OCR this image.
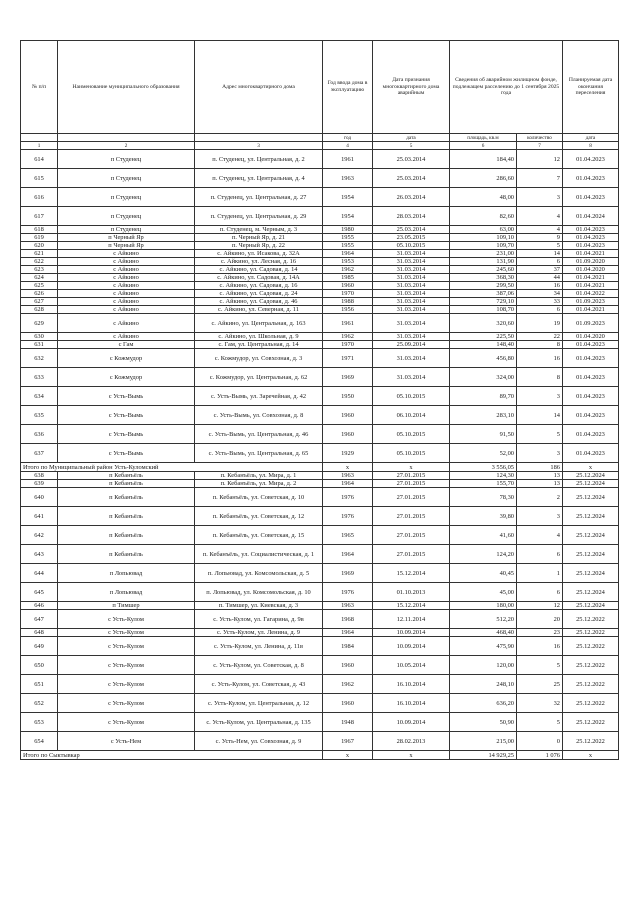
№ п/п	Наименование муниципального образования	Адрес многоквартирного дома	Год ввода дома в эксплуатацию	Дата признания многоквартирного дома аварийным	Сведения об аварийном жилищном фонде, подлежащем расселению до 1 сентября 2025 года		Планируемая дата окончания переселения
			год	дата	площадь, кв.м	количество	дата
1	2	3	4	5	6	7	8
614	п Студенец	п. Студенец, ул. Центральная, д. 2	1961	25.03.2014	184,40	12	01.04.2023
615	п Студенец	п. Студенец, ул. Центральная, д. 4	1963	25.03.2014	286,60	7	01.04.2023
616	п Студенец	п. Студенец, ул. Центральная, д. 27	1954	26.03.2014	48,00	3	01.04.2023
617	п Студенец	п. Студенец, ул. Центральная, д. 29	1954	28.03.2014	82,60	4	01.04.2024
618	п Студенец	п. Студенец, м. Черным, д. 3	1980	25.03.2014	63,00	4	01.04.2023
619	п Черный Яр	п. Черный Яр, д. 21	1955	23.05.2015	109,10	9	01.04.2023
620	п Черный Яр	п. Черный Яр, д. 22	1955	05.10.2015	109,70	5	01.04.2023
621	с Айкино	с. Айкино, ул. Исакова, д. 32А	1964	31.03.2014	231,00	14	01.04.2021
622	с Айкино	с. Айкино, ул. Лесная, д. 16	1953	31.03.2014	131,90	6	01.09.2020
623	с Айкино	с. Айкино, ул. Садовая, д. 14	1962	31.03.2014	245,60	37	01.04.2020
624	с Айкино	с. Айкино, ул. Садовая, д. 14А	1985	31.03.2014	368,30	44	01.04.2021
625	с Айкино	с. Айкино, ул. Садовая, д. 16	1960	31.03.2014	299,50	16	01.04.2021
626	с Айкино	с. Айкино, ул. Садовая, д. 24	1970	31.03.2014	387,06	34	01.04.2022
627	с Айкино	с. Айкино, ул. Садовая, д. 46	1988	31.03.2014	729,10	33	01.09.2023
628	с Айкино	с. Айкино, ул. Северная, д. 11	1956	31.03.2014	108,70	6	01.04.2021
629	с Айкино	с. Айкино, ул. Центральная, д. 163	1961	31.03.2014	320,60	19	01.09.2023
630	с Айкино	с. Айкино, ул. Школьная, д. 9	1962	31.03.2014	225,50	22	01.04.2020
631	с Гам	с. Гам, ул. Центральная, д. 14	1970	25.09.2014	148,40	8	01.04.2023
632	с Кожмудор	с. Кожмудор, ул. Совхозная, д. 3	1971	31.03.2014	456,80	16	01.04.2023
633	с Кожмудор	с. Кожмудор, ул. Центральная, д. 62	1969	31.03.2014	324,00	8	01.04.2023
634	с Усть-Вымь	с. Усть-Вымь, ул. Заречейная, д. 42	1950	05.10.2015	89,70	3	01.04.2023
635	с Усть-Вымь	с. Усть-Вымь, ул. Совхозная, д. 8	1960	06.10.2014	283,10	14	01.04.2023
636	с Усть-Вымь	с. Усть-Вымь, ул. Центральная, д. 46	1960	05.10.2015	91,50	5	01.04.2023
637	с Усть-Вымь	с. Усть-Вымь, ул. Центральная, д. 65	1929	05.10.2015	52,00	3	01.04.2023
Итого по Муниципальный район Усть-Куломский			x	x	3 556,05	186	x
638	п Кебанъёль	п. Кебанъёль, ул. Мира, д. 1	1963	27.01.2015	124,30	13	25.12.2024
639	п Кебанъёль	п. Кебанъёль, ул. Мира, д. 2	1964	27.01.2015	155,70	13	25.12.2024
640	п Кебанъёль	п. Кебанъёль, ул. Советская, д. 10	1976	27.01.2015	78,30	2	25.12.2024
641	п Кебанъёль	п. Кебанъёль, ул. Советская, д. 12	1976	27.01.2015	39,80	3	25.12.2024
642	п Кебанъёль	п. Кебанъёль, ул. Советская, д. 15	1965	27.01.2015	41,60	4	25.12.2024
643	п Кебанъёль	п. Кебанъёль, ул. Социалистическая, д. 1	1964	27.01.2015	124,20	6	25.12.2024
644	п Лопьювад	п. Лопьювад, ул. Комсомольская, д. 5	1969	15.12.2014	40,45	1	25.12.2024
645	п Лопьювад	п. Лопьювад, ул. Комсомольская, д. 10	1976	01.10.2013	45,00	6	25.12.2024
646	п Тимшер	п. Тимшер, ул. Киевская, д. 3	1963	15.12.2014	180,00	12	25.12.2024
647	с Усть-Кулом	с. Усть-Кулом, ул. Гагарина, д. 9в	1968	12.11.2014	512,20	20	25.12.2022
648	с Усть-Кулом	с. Усть-Кулом, ул. Ленина, д. 9	1964	10.09.2014	468,40	23	25.12.2022
649	с Усть-Кулом	с. Усть-Кулом, ул. Ленина, д. 11в	1984	10.09.2014	475,90	16	25.12.2022
650	с Усть-Кулом	с. Усть-Кулом, ул. Советская, д. 8	1960	10.05.2014	120,00	5	25.12.2022
651	с Усть-Кулом	с. Усть-Кулом, ул. Советская, д. 43	1962	16.10.2014	248,10	25	25.12.2022
652	с Усть-Кулом	с. Усть-Кулом, ул. Центральная, д. 12	1960	16.10.2014	636,20	32	25.12.2022
653	с Усть-Кулом	с. Усть-Кулом, ул. Центральная, д. 135	1948	10.09.2014	50,90	5	25.12.2022
654	с Усть-Нем	с. Усть-Нем, ул. Совхозная, д. 9	1967	28.02.2013	215,00	0	25.12.2022
Итого по Сыктывкар			x	x	14 929,25	1 076	x
